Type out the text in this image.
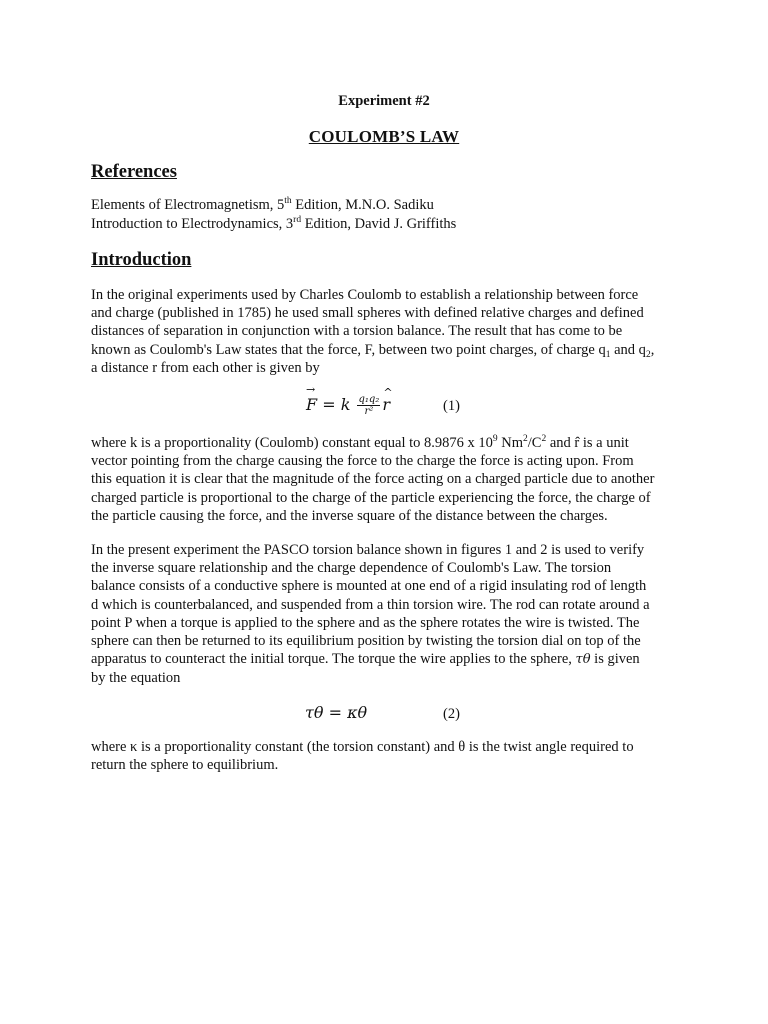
Experiment #2
COULOMB’S LAW
References
Elements of Electromagnetism, 5th Edition, M.N.O. Sadiku
Introduction to Electrodynamics, 3rd Edition, David J. Griffiths
Introduction
In the original experiments used by Charles Coulomb to establish a relationship between force
and charge (published in 1785) he used small spheres with defined relative charges and defined
distances of separation in conjunction with a torsion balance. The result that has come to be
known as Coulomb's Law states that the force, F, between two point charges, of charge $q_1$ and $q_2$,
a distance r from each other is given by
→ F = k $\frac{\text{q₁q₂}}{\text{r²}}$
^ r	(1)
where k is a proportionality (Coulomb) constant equal to 8.9876 x $10^9$ $Nm^2/C^2$ and r̂ is a unit
vector pointing from the charge causing the force to the charge the force is acting upon. From
this equation it is clear that the magnitude of the force acting on a charged particle due to another
charged particle is proportional to the charge of the particle experiencing the force, the charge of
the particle causing the force, and the inverse square of the distance between the charges.
In the present experiment the PASCO torsion balance shown in figures 1 and 2 is used to verify
the inverse square relationship and the charge dependence of Coulomb's Law. The torsion
balance consists of a conductive sphere is mounted at one end of a rigid insulating rod of length
d which is counterbalanced, and suspended from a thin torsion wire. The rod can rotate around a
point P when a torque is applied to the sphere and as the sphere rotates the wire is twisted. The
sphere can then be returned to its equilibrium position by twisting the torsion dial on top of the
apparatus to counteract the initial torque. The torque the wire applies to the sphere, τθ is given
by the equation
τθ = κθ	(2)
where κ is a proportionality constant (the torsion constant) and θ is the twist angle required to
return the sphere to equilibrium.
